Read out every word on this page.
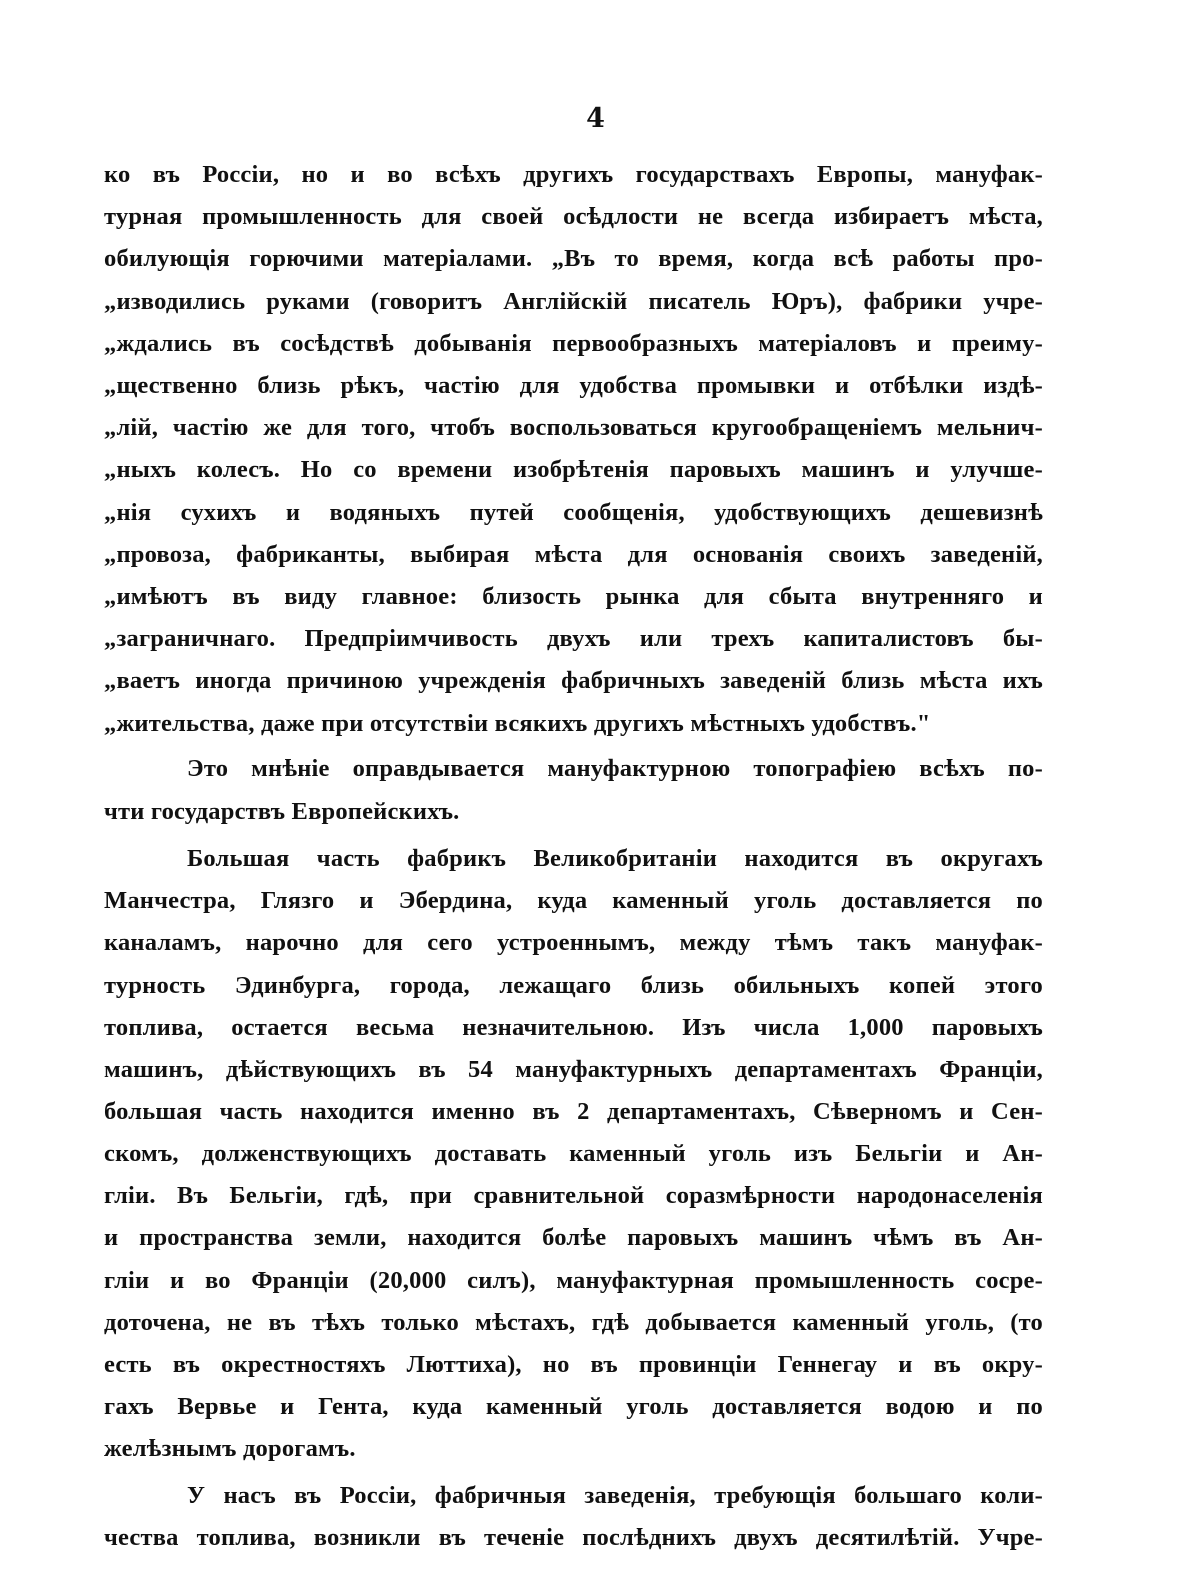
4
ко въ Россіи, но и во всѣхъ другихъ государствахъ Европы, мануфак-
турная промышленность для своей осѣдлости не всегда избираетъ мѣста,
обилующія горючими матеріалами. „Въ то время, когда всѣ работы про-
„изводились руками (говоритъ Англійскій писатель Юръ), фабрики учре-
„ждались въ сосѣдствѣ добыванія первообразныхъ матеріаловъ и преиму-
„щественно близь рѣкъ, частію для удобства промывки и отбѣлки издѣ-
„лій, частію же для того, чтобъ воспользоваться кругообращеніемъ мельнич-
„ныхъ колесъ. Но со времени изобрѣтенія паровыхъ машинъ и улучше-
„нія сухихъ и водяныхъ путей сообщенія, удобствующихъ дешевизнѣ
„провоза, фабриканты, выбирая мѣста для основанія своихъ заведеній,
„имѣютъ въ виду главное: близость рынка для сбыта внутренняго и
„заграничнаго. Предпріимчивость двухъ или трехъ капиталистовъ бы-
„ваетъ иногда причиною учрежденія фабричныхъ заведеній близь мѣста ихъ
„жительства, даже при отсутствіи всякихъ другихъ мѣстныхъ удобствъ."
Это мнѣніе оправдывается мануфактурною топографіею всѣхъ по-
чти государствъ Европейскихъ.
Большая часть фабрикъ Великобританіи находится въ округахъ
Манчестра, Глязго и Эбердина, куда каменный уголь доставляется по
каналамъ, нарочно для сего устроеннымъ, между тѣмъ такъ мануфак-
турность Эдинбурга, города, лежащаго близь обильныхъ копей этого
топлива, остается весьма незначительною. Изъ числа 1,000 паровыхъ
машинъ, дѣйствующихъ въ 54 мануфактурныхъ департаментахъ Франціи,
большая часть находится именно въ 2 департаментахъ, Сѣверномъ и Сен-
скомъ, долженствующихъ доставать каменный уголь изъ Бельгіи и Ан-
гліи. Въ Бельгіи, гдѣ, при сравнительной соразмѣрности народонаселенія
и пространства земли, находится болѣе паровыхъ машинъ чѣмъ въ Ан-
гліи и во Франціи (20,000 силъ), мануфактурная промышленность сосре-
доточена, не въ тѣхъ только мѣстахъ, гдѣ добывается каменный уголь, (то
есть въ окрестностяхъ Люттиха), но въ провинціи Геннегау и въ окру-
гахъ Вервье и Гента, куда каменный уголь доставляется водою и по
желѣзнымъ дорогамъ.
У насъ въ Россіи, фабричныя заведенія, требующія большаго коли-
чества топлива, возникли въ теченіе послѣднихъ двухъ десятилѣтій. Учре-
